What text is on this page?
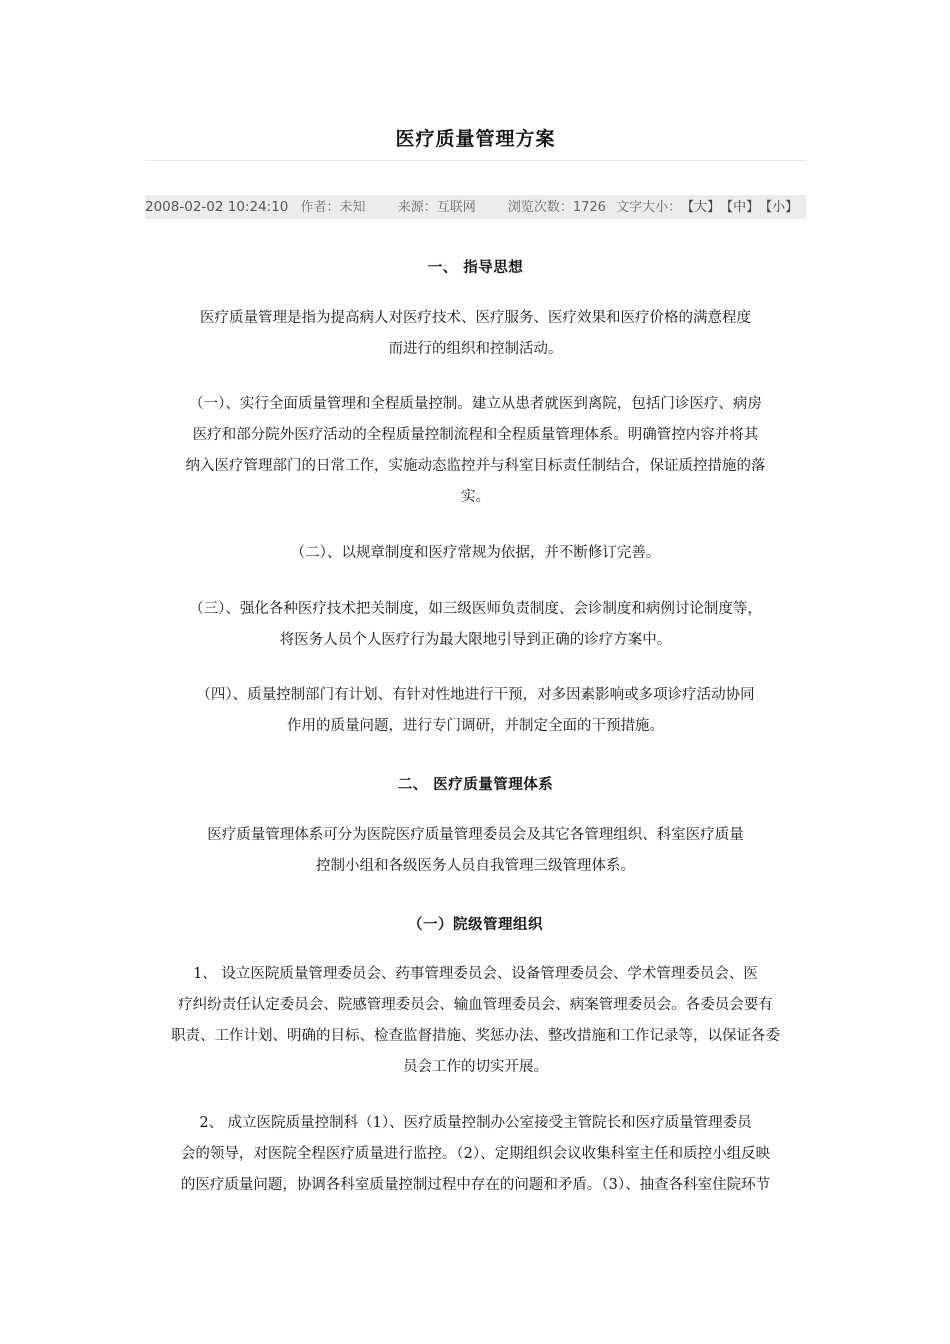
医疗质量管理方案
2008-02-02 10:24:10 作者：未知 来源：互联网 浏览次数：1726 文字大小：【大】【中】【小】
一、 指导思想

医疗质量管理是指为提高病人对医疗技术、医疗服务、医疗效果和医疗价格的满意程度

而进行的组织和控制活动。

（一）、实行全面质量管理和全程质量控制。建立从患者就医到离院，包括门诊医疗、病房

医疗和部分院外医疗活动的全程质量控制流程和全程质量管理体系。明确管控内容并将其

纳入医疗管理部门的日常工作，实施动态监控并与科室目标责任制结合，保证质控措施的落

实。

（二）、以规章制度和医疗常规为依据，并不断修订完善。

（三）、强化各种医疗技术把关制度，如三级医师负责制度、会诊制度和病例讨论制度等，

将医务人员个人医疗行为最大限地引导到正确的诊疗方案中。

（四）、质量控制部门有计划、有针对性地进行干预，对多因素影响或多项诊疗活动协同

作用的质量问题，进行专门调研，并制定全面的干预措施。

二、 医疗质量管理体系

医疗质量管理体系可分为医院医疗质量管理委员会及其它各管理组织、科室医疗质量

控制小组和各级医务人员自我管理三级管理体系。

（一）院级管理组织

1、 设立医院质量管理委员会、药事管理委员会、设备管理委员会、学术管理委员会、医

疗纠纷责任认定委员会、院感管理委员会、输血管理委员会、病案管理委员会。各委员会要有

职责、工作计划、明确的目标、检查监督措施、奖惩办法、整改措施和工作记录等，以保证各委

员会工作的切实开展。

2、 成立医院质量控制科（1）、医疗质量控制办公室接受主管院长和医疗质量管理委员

会的领导，对医院全程医疗质量进行监控。（2）、定期组织会议收集科室主任和质控小组反映

的医疗质量问题，协调各科室质量控制过程中存在的问题和矛盾。（3）、抽查各科室住院环节
